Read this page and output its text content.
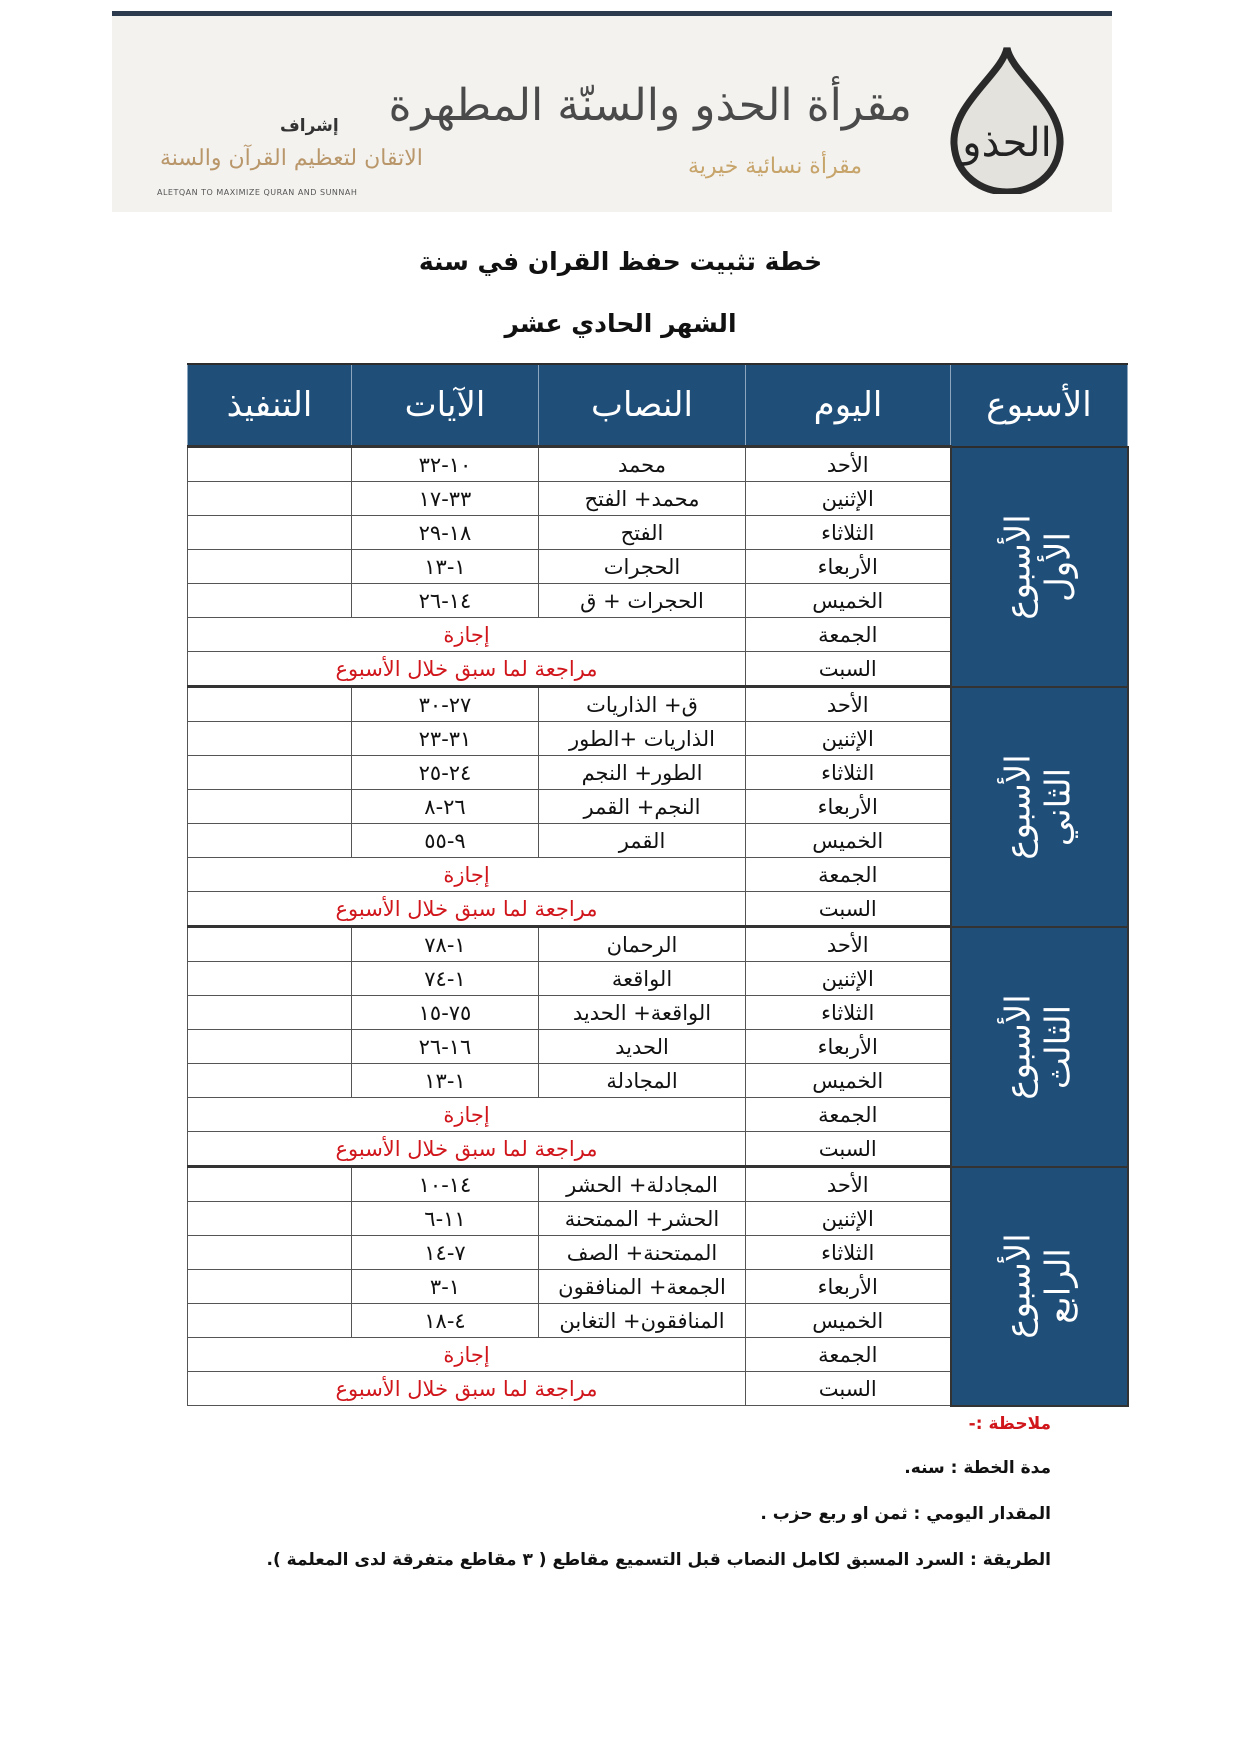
الحذو
مقرأة الحذو والسنّة المطهرة
مقرأة نسائية خيرية
إشراف
الاتقان لتعظيم القرآن والسنة
ALETQAN TO MAXIMIZE QURAN AND SUNNAH
خطة تثبيت حفظ القران في سنة
الشهر الحادي عشر
الأسبوع	اليوم	النصاب	الآيات	التنفيذ
الأسبوع
الأول	الأحد	محمد	١٠-٣٢	
	الإثنين	محمد+ الفتح	٣٣-١٧	
	الثلاثاء	الفتح	١٨-٢٩	
	الأربعاء	الحجرات	١-١٣	
	الخميس	الحجرات + ق	١٤-٢٦	
	الجمعة	إجازة		
	السبت	مراجعة لما سبق خلال الأسبوع		
الأسبوع
الثاني	الأحد	ق+ الذاريات	٢٧-٣٠	
	الإثنين	الذاريات +الطور	٣١-٢٣	
	الثلاثاء	الطور+ النجم	٢٤-٢٥	
	الأربعاء	النجم+ القمر	٢٦-٨	
	الخميس	القمر	٩-٥٥	
	الجمعة	إجازة		
	السبت	مراجعة لما سبق خلال الأسبوع		
الأسبوع
الثالث	الأحد	الرحمان	١-٧٨	
	الإثنين	الواقعة	١-٧٤	
	الثلاثاء	الواقعة+ الحديد	٧٥-١٥	
	الأربعاء	الحديد	١٦-٢٦	
	الخميس	المجادلة	١-١٣	
	الجمعة	إجازة		
	السبت	مراجعة لما سبق خلال الأسبوع		
الأسبوع
الرابع	الأحد	المجادلة+ الحشر	١٤-١٠	
	الإثنين	الحشر+ الممتحنة	١١-٦	
	الثلاثاء	الممتحنة+ الصف	٧-١٤	
	الأربعاء	الجمعة+ المنافقون	١-٣	
	الخميس	المنافقون+ التغابن	٤-١٨	
	الجمعة	إجازة		
	السبت	مراجعة لما سبق خلال الأسبوع		
ملاحظة :-
مدة الخطة : سنه.
المقدار اليومي : ثمن او ربع حزب .
الطريقة : السرد المسبق لكامل النصاب قبل التسميع مقاطع ( ٣ مقاطع متفرقة لدى المعلمة ).
